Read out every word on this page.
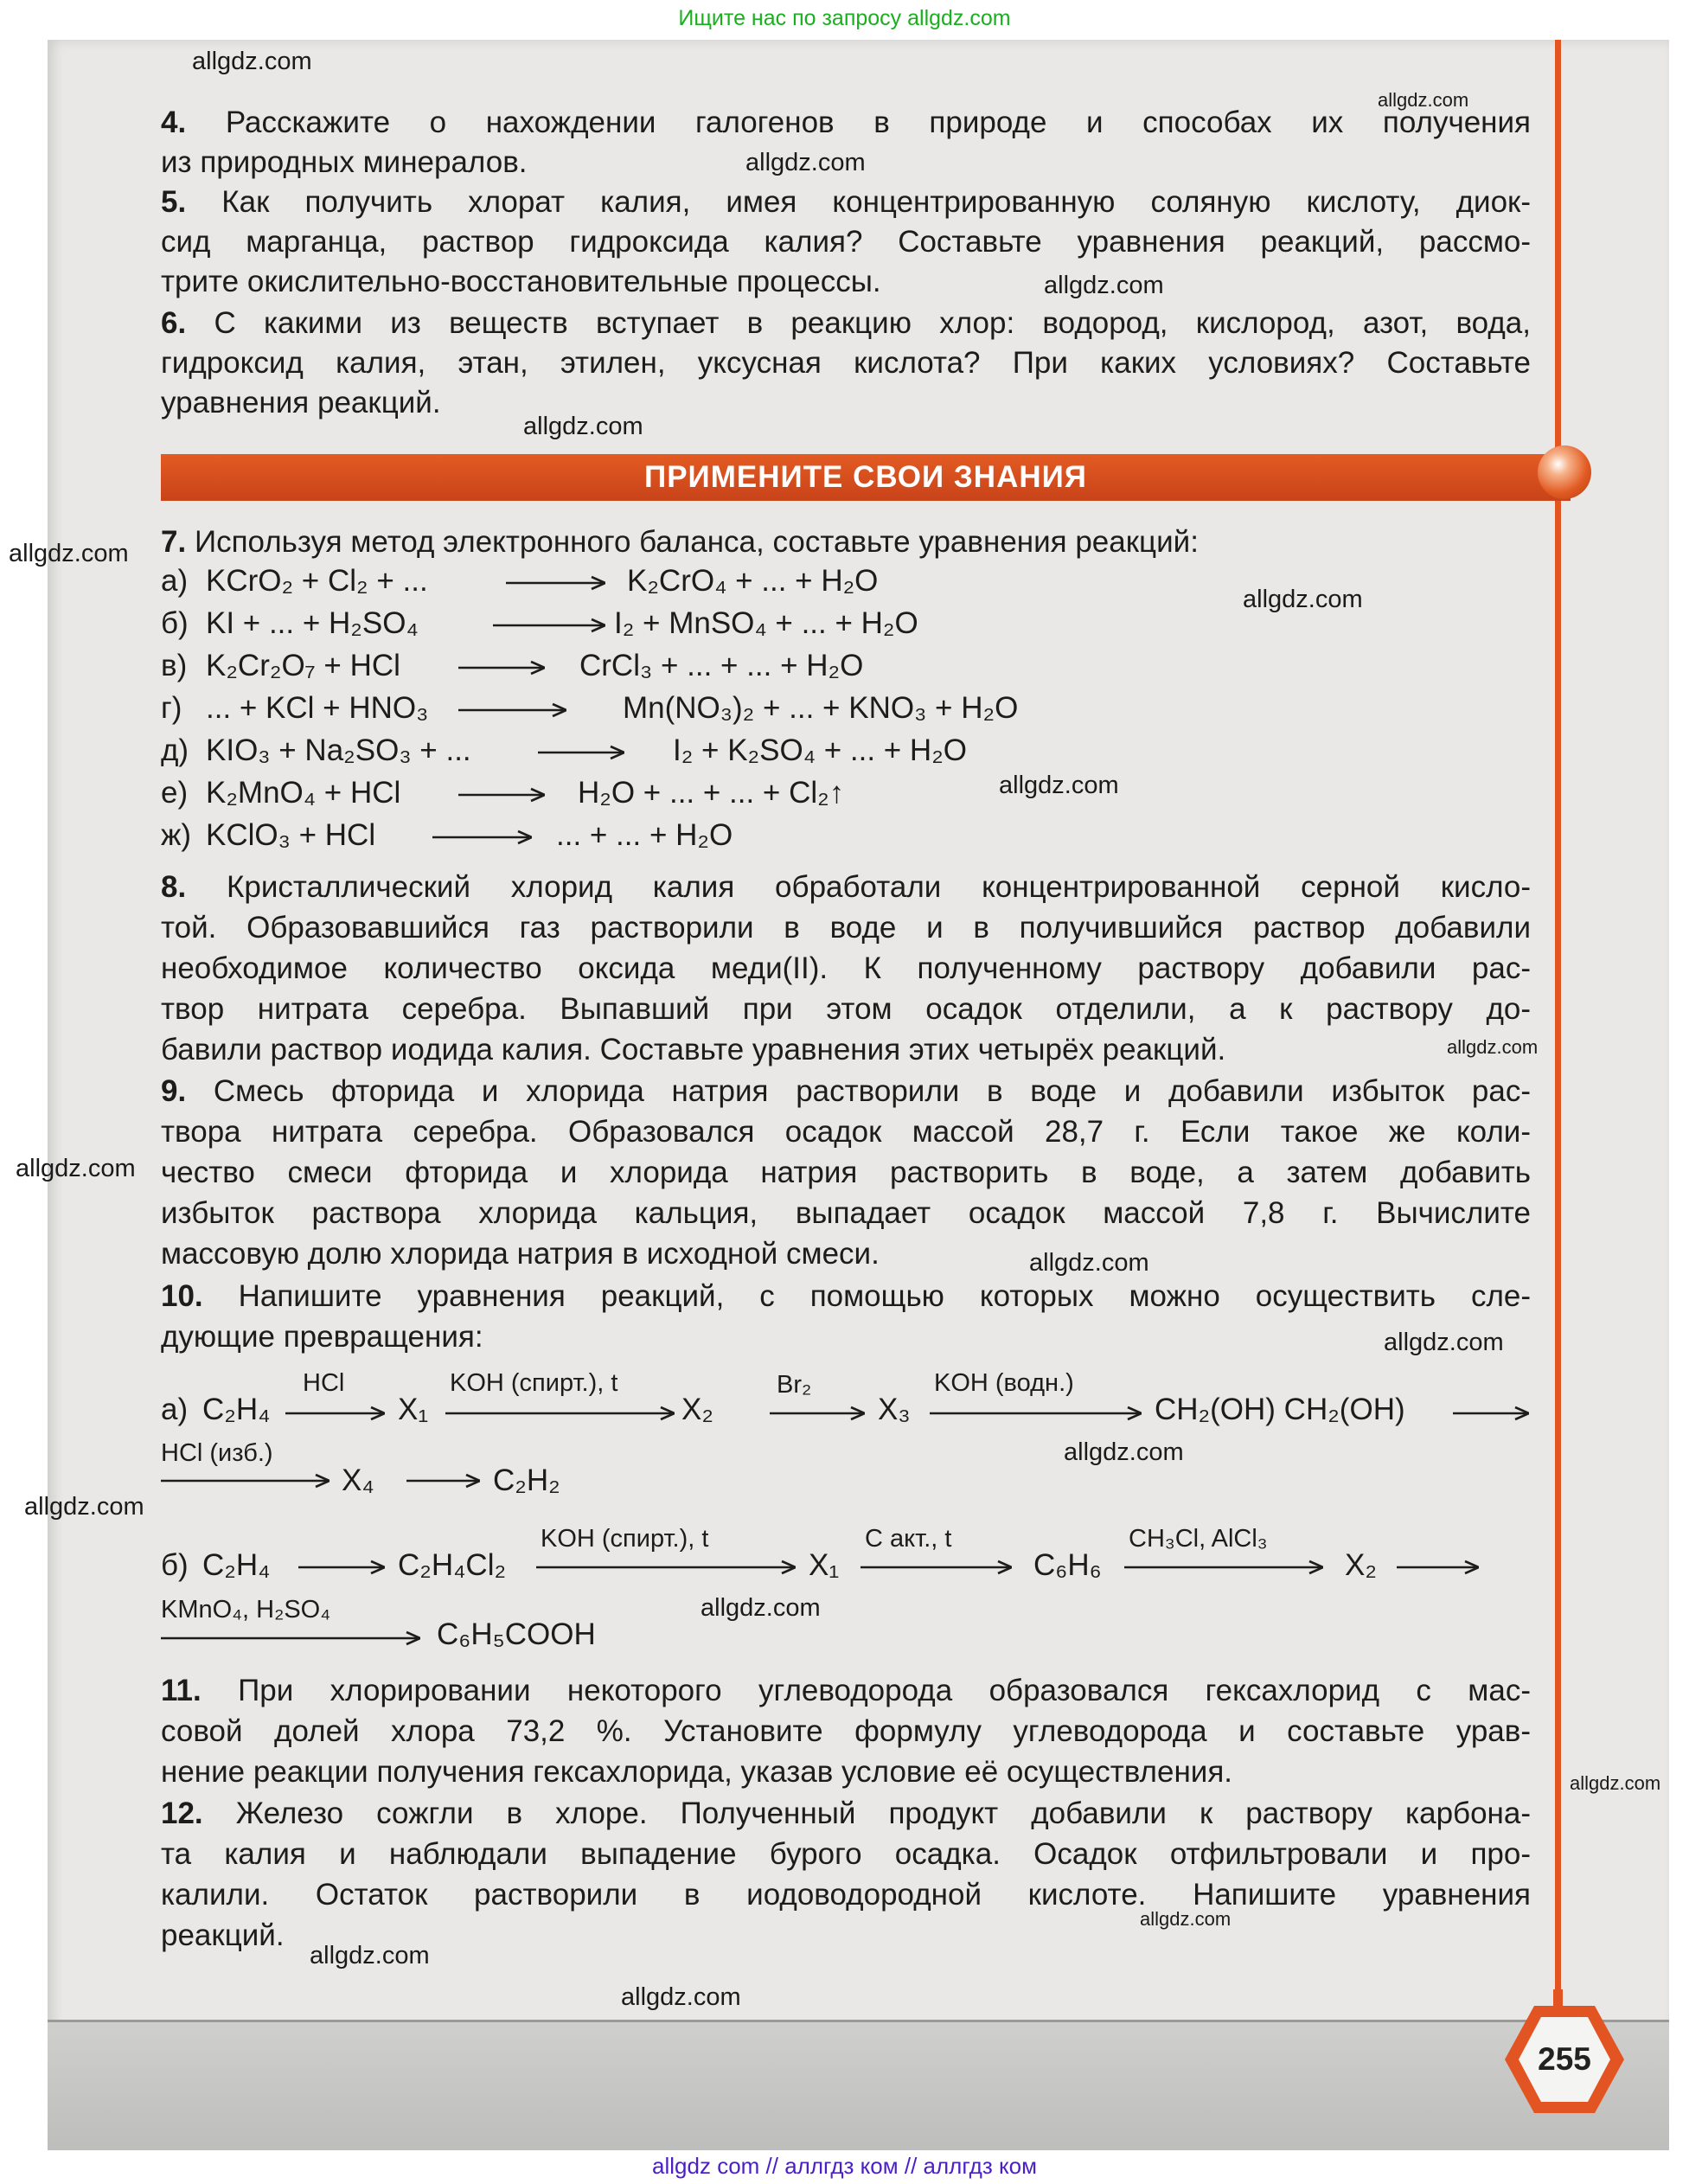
Ищите нас по запросу allgdz.com
4. Расскажите о нахождении галогенов в природе и способах их получения
из природных минералов.
5. Как получить хлорат калия, имея концентрированную соляную кислоту, диок-
сид марганца, раствор гидроксида калия? Составьте уравнения реакций, рассмо-
трите окислительно-восстановительные процессы.
6. С какими из веществ вступает в реакцию хлор: водород, кислород, азот, вода,
гидроксид калия, этан, этилен, уксусная кислота? При каких условиях? Составьте
уравнения реакций.
ПРИМЕНИТЕ СВОИ ЗНАНИЯ
7. Используя метод электронного баланса, составьте уравнения реакций:
а) KCrO₂ + Cl₂ + ...	K₂CrO₄ + ... + H₂O
б) KI + ... + H₂SO₄	I₂ + MnSO₄ + ... + H₂O
в) K₂Cr₂O₇ + HCl	CrCl₃ + ... + ... + H₂O
г) ... + KCl + HNO₃	Mn(NO₃)₂ + ... + KNO₃ + H₂O
д) KIO₃ + Na₂SO₃ + ...	I₂ + K₂SO₄ + ... + H₂O
е) K₂MnO₄ + HCl	H₂O + ... + ... + Cl₂↑
ж) KClO₃ + HCl	... + ... + H₂O
8. Кристаллический хлорид калия обработали концентрированной серной кисло-
той. Образовавшийся газ растворили в воде и в получившийся раствор добавили
необходимое количество оксида меди(II). К полученному раствору добавили рас-
твор нитрата серебра. Выпавший при этом осадок отделили, а к раствору до-
бавили раствор иодида калия. Составьте уравнения этих четырёх реакций.
9. Смесь фторида и хлорида натрия растворили в воде и добавили избыток рас-
твора нитрата серебра. Образовался осадок массой 28,7 г. Если такое же коли-
чество смеси фторида и хлорида натрия растворить в воде, а затем добавить
избыток раствора хлорида кальция, выпадает осадок массой 7,8 г. Вычислите
массовую долю хлорида натрия в исходной смеси.
10. Напишите уравнения реакций, с помощью которых можно осуществить сле-
дующие превращения:
а) C₂H₄
HCl
X₁
KOH (спирт.), t
X₂
Br₂
X₃
KOH (водн.)
CH₂(OH) CH₂(OH)
HCl (изб.)
X₄	C₂H₂
б) C₂H₄	C₂H₄Cl₂
KOH (спирт.), t
X₁
C акт., t
C₆H₆
CH₃Cl, AlCl₃
X₂
KMnO₄, H₂SO₄
C₆H₅COOH
11. При хлорировании некоторого углеводорода образовался гексахлорид с мас-
совой долей хлора 73,2 %. Установите формулу углеводорода и составьте урав-
нение реакции получения гексахлорида, указав условие её осуществления.
12. Железо сожгли в хлоре. Полученный продукт добавили к раствору карбона-
та калия и наблюдали выпадение бурого осадка. Осадок отфильтровали и про-
калили. Остаток растворили в иодоводородной кислоте. Напишите уравнения
реакций.
255
allgdz.com
allgdz.com
allgdz.com
allgdz.com
allgdz.com
allgdz.com
allgdz.com
allgdz.com
allgdz.com
allgdz.com
allgdz.com
allgdz.com
allgdz.com
allgdz.com
allgdz.com
allgdz.com
allgdz.com
allgdz.com
allgdz.com
allgdz com // аллгдз ком // аллгдз ком
